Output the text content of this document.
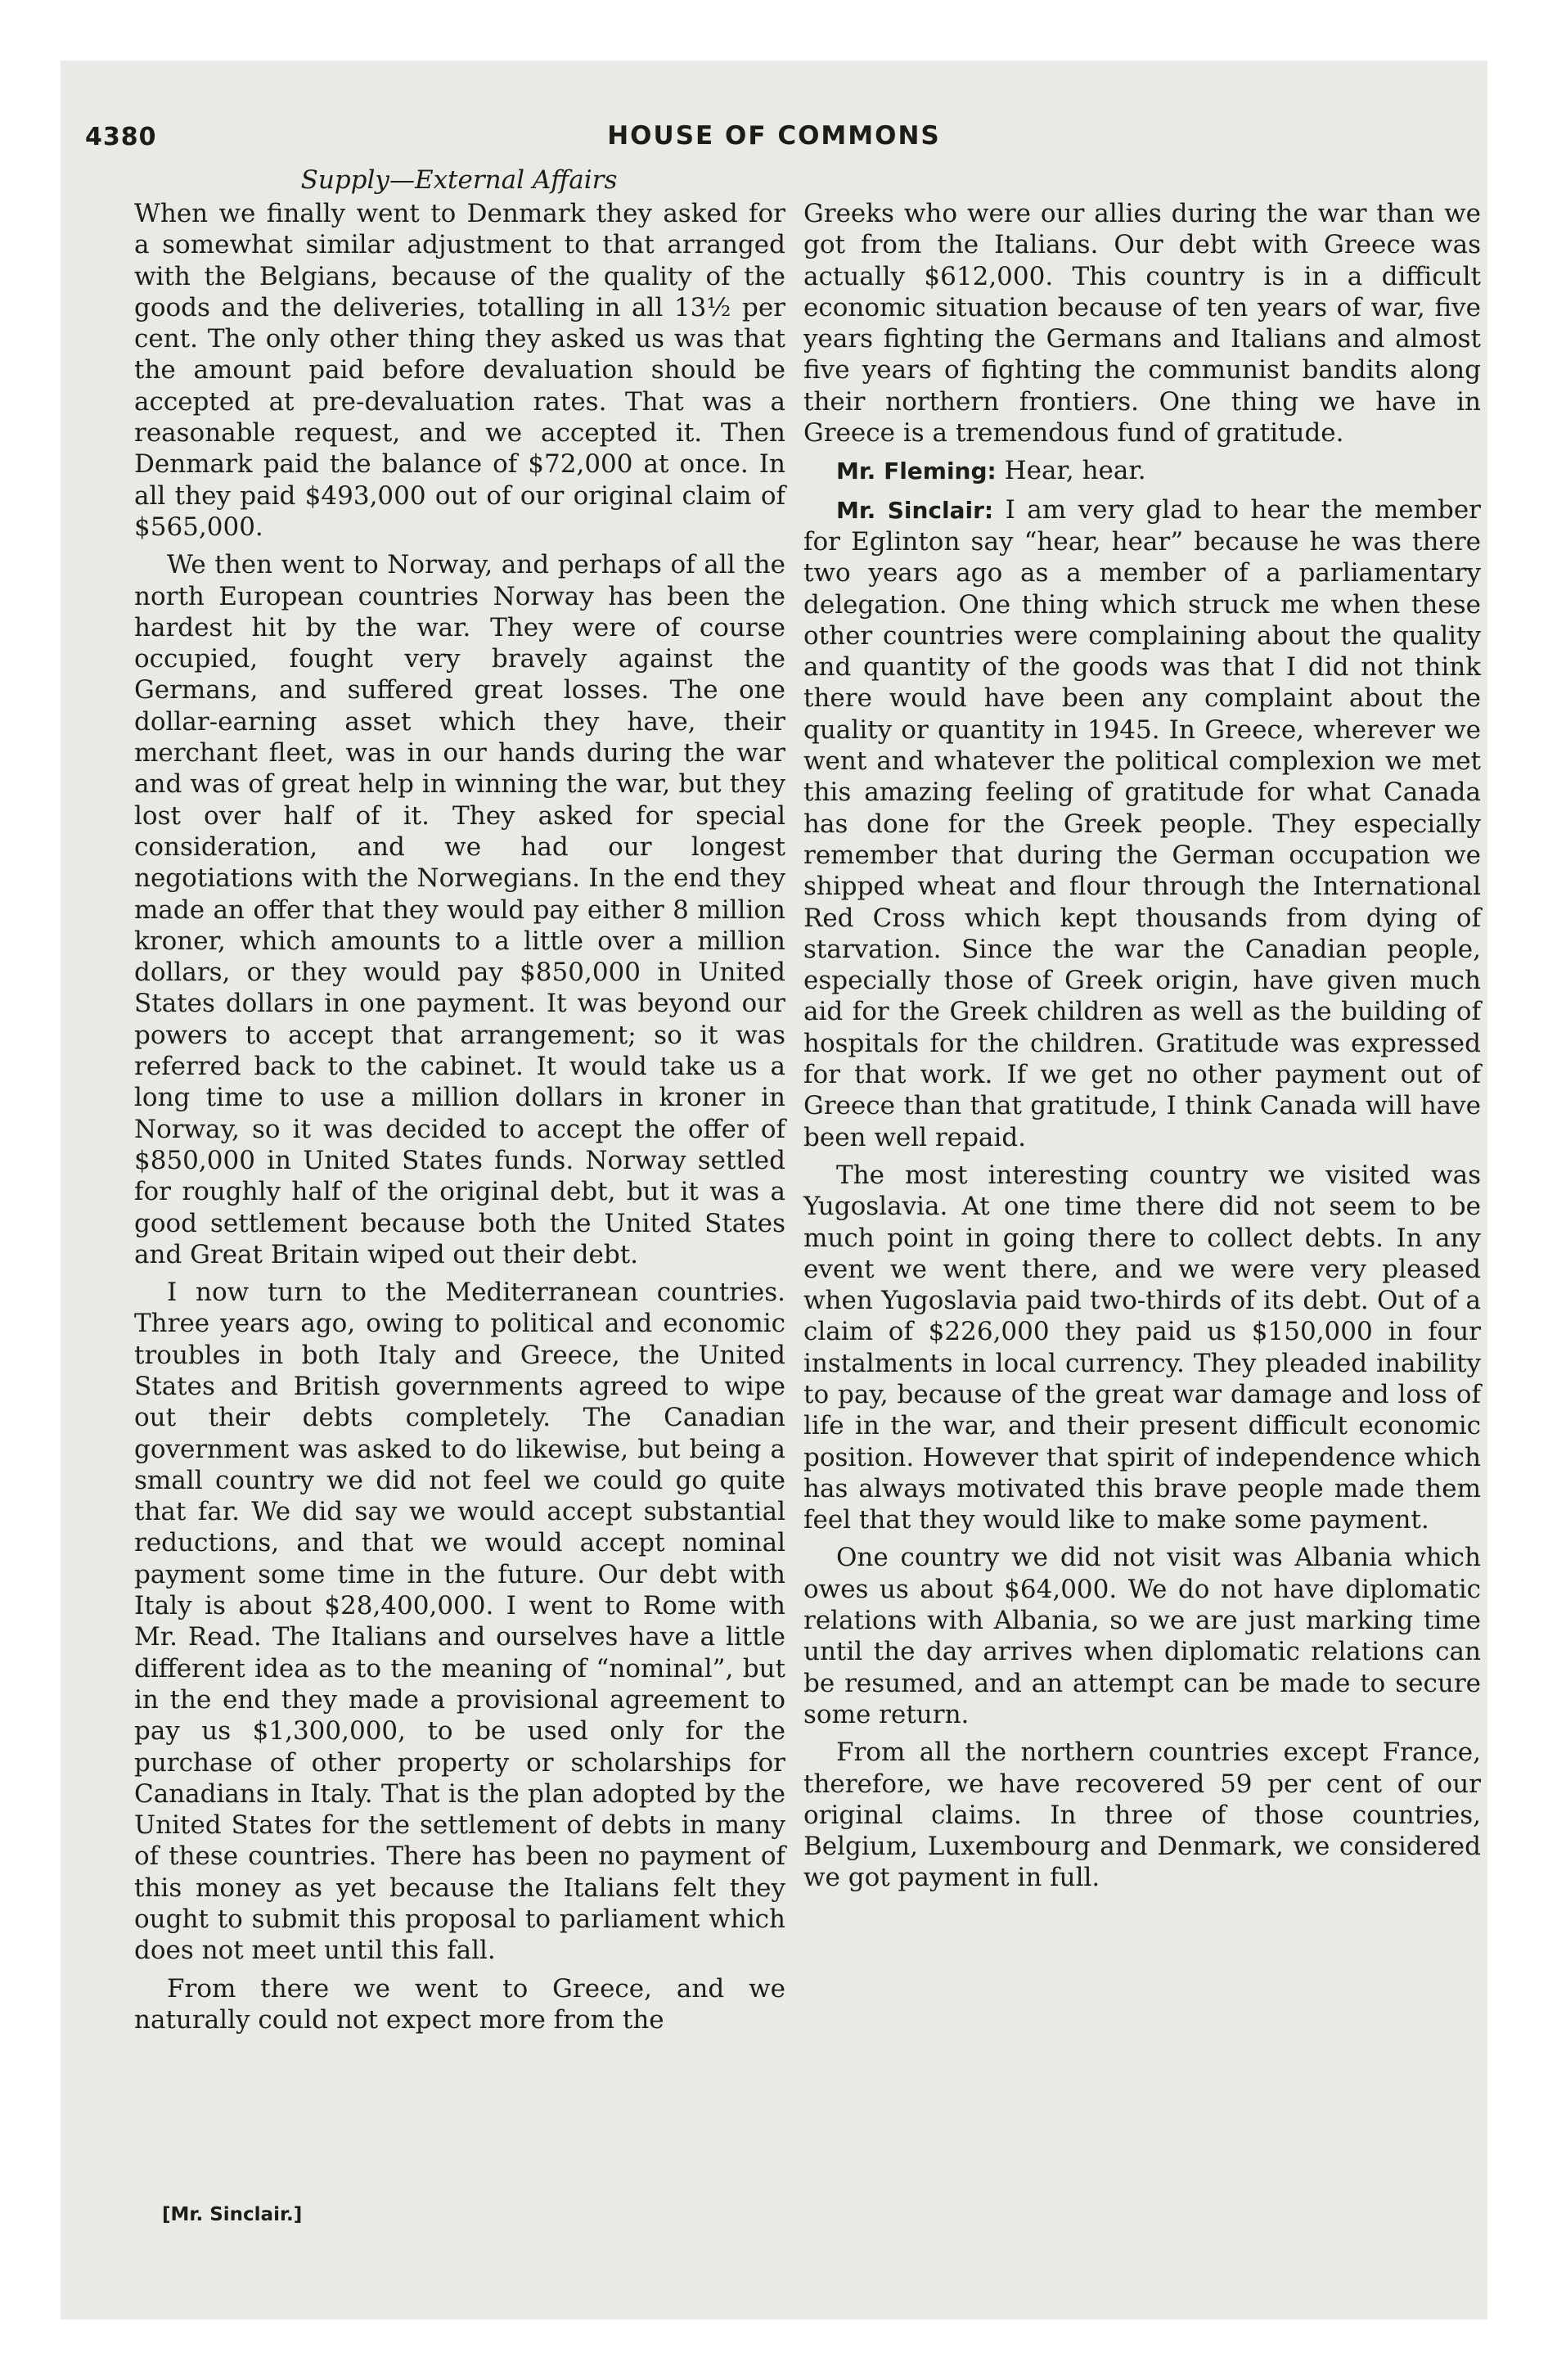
4380	HOUSE OF COMMONS
Supply—External Affairs

When we finally went to Denmark they asked for a somewhat similar adjustment to that arranged with the Belgians, because of the quality of the goods and the deliveries, totalling in all 13½ per cent. The only other thing they asked us was that the amount paid before devaluation should be accepted at pre-devaluation rates. That was a reasonable request, and we accepted it. Then Denmark paid the balance of $72,000 at once. In all they paid $493,000 out of our original claim of $565,000.

We then went to Norway, and perhaps of all the north European countries Norway has been the hardest hit by the war. They were of course occupied, fought very bravely against the Germans, and suffered great losses. The one dollar-earning asset which they have, their merchant fleet, was in our hands during the war and was of great help in winning the war, but they lost over half of it. They asked for special consideration, and we had our longest negotiations with the Norwegians. In the end they made an offer that they would pay either 8 million kroner, which amounts to a little over a million dollars, or they would pay $850,000 in United States dollars in one payment. It was beyond our powers to accept that arrangement; so it was referred back to the cabinet. It would take us a long time to use a million dollars in kroner in Norway, so it was decided to accept the offer of $850,000 in United States funds. Norway settled for roughly half of the original debt, but it was a good settlement because both the United States and Great Britain wiped out their debt.

I now turn to the Mediterranean countries. Three years ago, owing to political and economic troubles in both Italy and Greece, the United States and British governments agreed to wipe out their debts completely. The Canadian government was asked to do likewise, but being a small country we did not feel we could go quite that far. We did say we would accept substantial reductions, and that we would accept nominal payment some time in the future. Our debt with Italy is about $28,400,000. I went to Rome with Mr. Read. The Italians and ourselves have a little different idea as to the meaning of “nominal”, but in the end they made a provisional agreement to pay us $1,300,000, to be used only for the purchase of other property or scholarships for Canadians in Italy. That is the plan adopted by the United States for the settlement of debts in many of these countries. There has been no payment of this money as yet because the Italians felt they ought to submit this proposal to parliament which does not meet until this fall.

From there we went to Greece, and we naturally could not expect more from the

Greeks who were our allies during the war than we got from the Italians. Our debt with Greece was actually $612,000. This country is in a difficult economic situation because of ten years of war, five years fighting the Germans and Italians and almost five years of fighting the communist bandits along their northern frontiers. One thing we have in Greece is a tremendous fund of gratitude.

Mr. Fleming: Hear, hear.

Mr. Sinclair: I am very glad to hear the member for Eglinton say “hear, hear” because he was there two years ago as a member of a parliamentary delegation. One thing which struck me when these other countries were complaining about the quality and quantity of the goods was that I did not think there would have been any complaint about the quality or quantity in 1945. In Greece, wherever we went and whatever the political complexion we met this amazing feeling of gratitude for what Canada has done for the Greek people. They especially remember that during the German occupation we shipped wheat and flour through the International Red Cross which kept thousands from dying of starvation. Since the war the Canadian people, especially those of Greek origin, have given much aid for the Greek children as well as the building of hospitals for the children. Gratitude was expressed for that work. If we get no other payment out of Greece than that gratitude, I think Canada will have been well repaid.

The most interesting country we visited was Yugoslavia. At one time there did not seem to be much point in going there to collect debts. In any event we went there, and we were very pleased when Yugoslavia paid two-thirds of its debt. Out of a claim of $226,000 they paid us $150,000 in four instalments in local currency. They pleaded inability to pay, because of the great war damage and loss of life in the war, and their present difficult economic position. However that spirit of independence which has always motivated this brave people made them feel that they would like to make some payment.

One country we did not visit was Albania which owes us about $64,000. We do not have diplomatic relations with Albania, so we are just marking time until the day arrives when diplomatic relations can be resumed, and an attempt can be made to secure some return.

From all the northern countries except France, therefore, we have recovered 59 per cent of our original claims. In three of those countries, Belgium, Luxembourg and Denmark, we considered we got payment in full.

[Mr. Sinclair.]
